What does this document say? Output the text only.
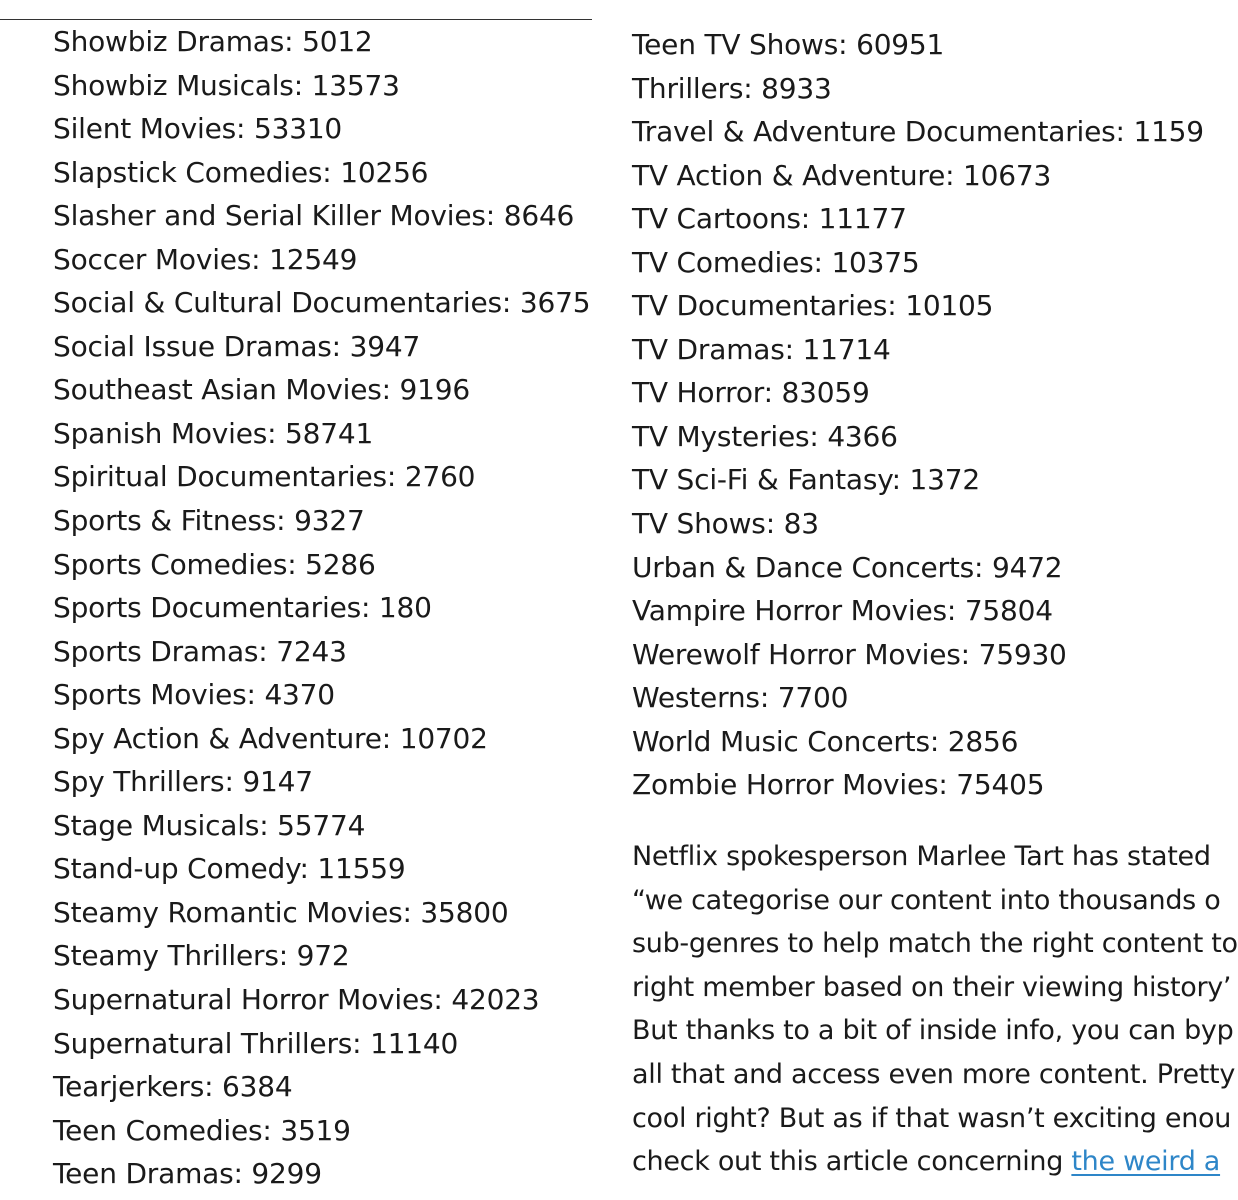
Showbiz Dramas: 5012
Showbiz Musicals: 13573
Silent Movies: 53310
Slapstick Comedies: 10256
Slasher and Serial Killer Movies: 8646
Soccer Movies: 12549
Social & Cultural Documentaries: 3675
Social Issue Dramas: 3947
Southeast Asian Movies: 9196
Spanish Movies: 58741
Spiritual Documentaries: 2760
Sports & Fitness: 9327
Sports Comedies: 5286
Sports Documentaries: 180
Sports Dramas: 7243
Sports Movies: 4370
Spy Action & Adventure: 10702
Spy Thrillers: 9147
Stage Musicals: 55774
Stand-up Comedy: 11559
Steamy Romantic Movies: 35800
Steamy Thrillers: 972
Supernatural Horror Movies: 42023
Supernatural Thrillers: 11140
Tearjerkers: 6384
Teen Comedies: 3519
Teen Dramas: 9299
Teen TV Shows: 60951
Thrillers: 8933
Travel & Adventure Documentaries: 1159
TV Action & Adventure: 10673
TV Cartoons: 11177
TV Comedies: 10375
TV Documentaries: 10105
TV Dramas: 11714
TV Horror: 83059
TV Mysteries: 4366
TV Sci-Fi & Fantasy: 1372
TV Shows: 83
Urban & Dance Concerts: 9472
Vampire Horror Movies: 75804
Werewolf Horror Movies: 75930
Westerns: 7700
World Music Concerts: 2856
Zombie Horror Movies: 75405
Netflix spokesperson Marlee Tart has stated
“we categorise our content into thousands o
sub-genres to help match the right content to
right member based on their viewing history’
But thanks to a bit of inside info, you can byp
all that and access even more content. Pretty
cool right? But as if that wasn’t exciting enou
check out this article concerning the weird a
